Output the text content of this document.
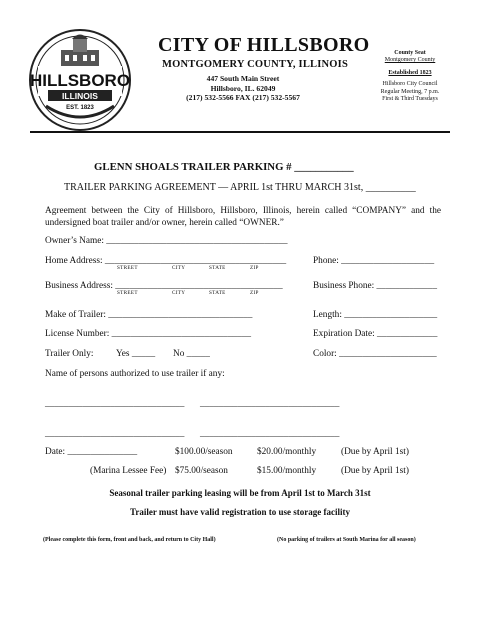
HILLSBORO
ILLINOIS
EST. 1823
CITY OF HILLSBORO
MONTGOMERY COUNTY, ILLINOIS
447 South Main Street
Hillsboro, IL. 62049
(217) 532-5566 FAX (217) 532-5567
County Seat
Montgomery County
Established 1823
Hillsboro City Council
Regular Meeting, 7 p.m.
First & Third Tuesdays
GLENN SHOALS TRAILER PARKING # ___________
TRAILER PARKING AGREEMENT — APRIL 1st THRU MARCH 31st, __________
Agreement between the City of Hillsboro, Hillsboro, Illinois, herein called “COMPANY” and the undersigned boat trailer and/or owner, herein called “OWNER.”
Owner’s Name: _______________________________________
Home Address: _______________________________________	Phone: ____________________
STREET	CITY	STATE	ZIP
Business Address: ____________________________________	Business Phone: _____________
STREET	CITY	STATE	ZIP
Make of Trailer: _______________________________	Length: ____________________
License Number: ______________________________	Expiration Date: _____________
Trailer Only: Yes _____ No _____	Color: _____________________
Name of persons authorized to use trailer if any:
______________________________ ______________________________
______________________________ ______________________________
Date: _______________	$100.00/season	$20.00/monthly	(Due by April 1st)
(Marina Lessee Fee) $75.00/season	$15.00/monthly	(Due by April 1st)
Seasonal trailer parking leasing will be from April 1st to March 31st
Trailer must have valid registration to use storage facility
(Please complete this form, front and back, and return to City Hall)	(No parking of trailers at South Marina for all season)
